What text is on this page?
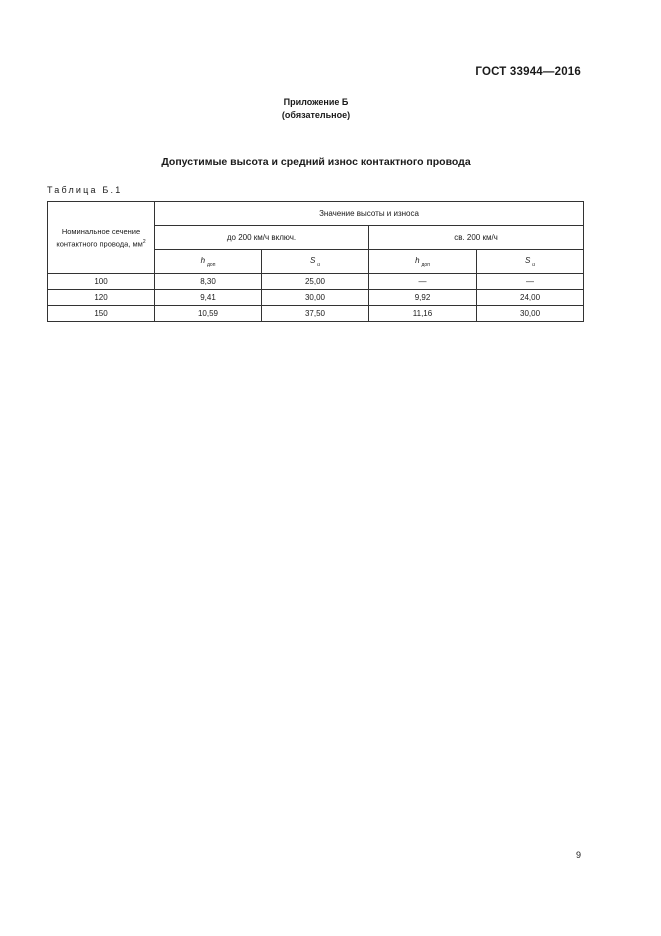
ГОСТ 33944—2016
Приложение Б
(обязательное)
Допустимые высота и средний износ контактного провода
Таблица Б.1
Номинальное сечение контактного провода, $мм^2$	Значение высоты и износа			
	до 200 км/ч включ.		св. 200 км/ч	
	h $_{доп}$	S $_и$	h $_{доп}$	S $_и$
100	8,30	25,00	—	—
120	9,41	30,00	9,92	24,00
150	10,59	37,50	11,16	30,00
9
